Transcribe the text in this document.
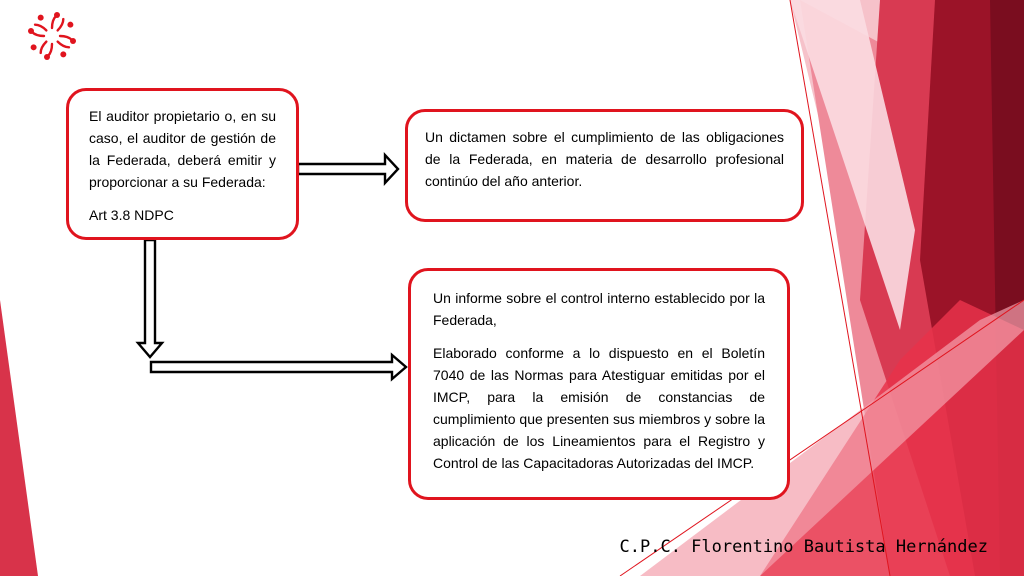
El auditor propietario o, en su caso, el auditor de gestión de la Federada, deberá emitir y proporcionar a su Federada:

Art 3.8 NDPC

Un dictamen sobre el cumplimiento de las obligaciones de la Federada, en materia de desarrollo profesional continúo del año anterior.

Un informe sobre el control interno establecido por la Federada,

Elaborado conforme a lo dispuesto en el Boletín 7040 de las Normas para Atestiguar emitidas por el IMCP, para la emisión de constancias de cumplimiento que presenten sus miembros y sobre la aplicación de los Lineamientos para el Registro y Control de las Capacitadoras Autorizadas del IMCP.

C.P.C. Florentino Bautista Hernández
